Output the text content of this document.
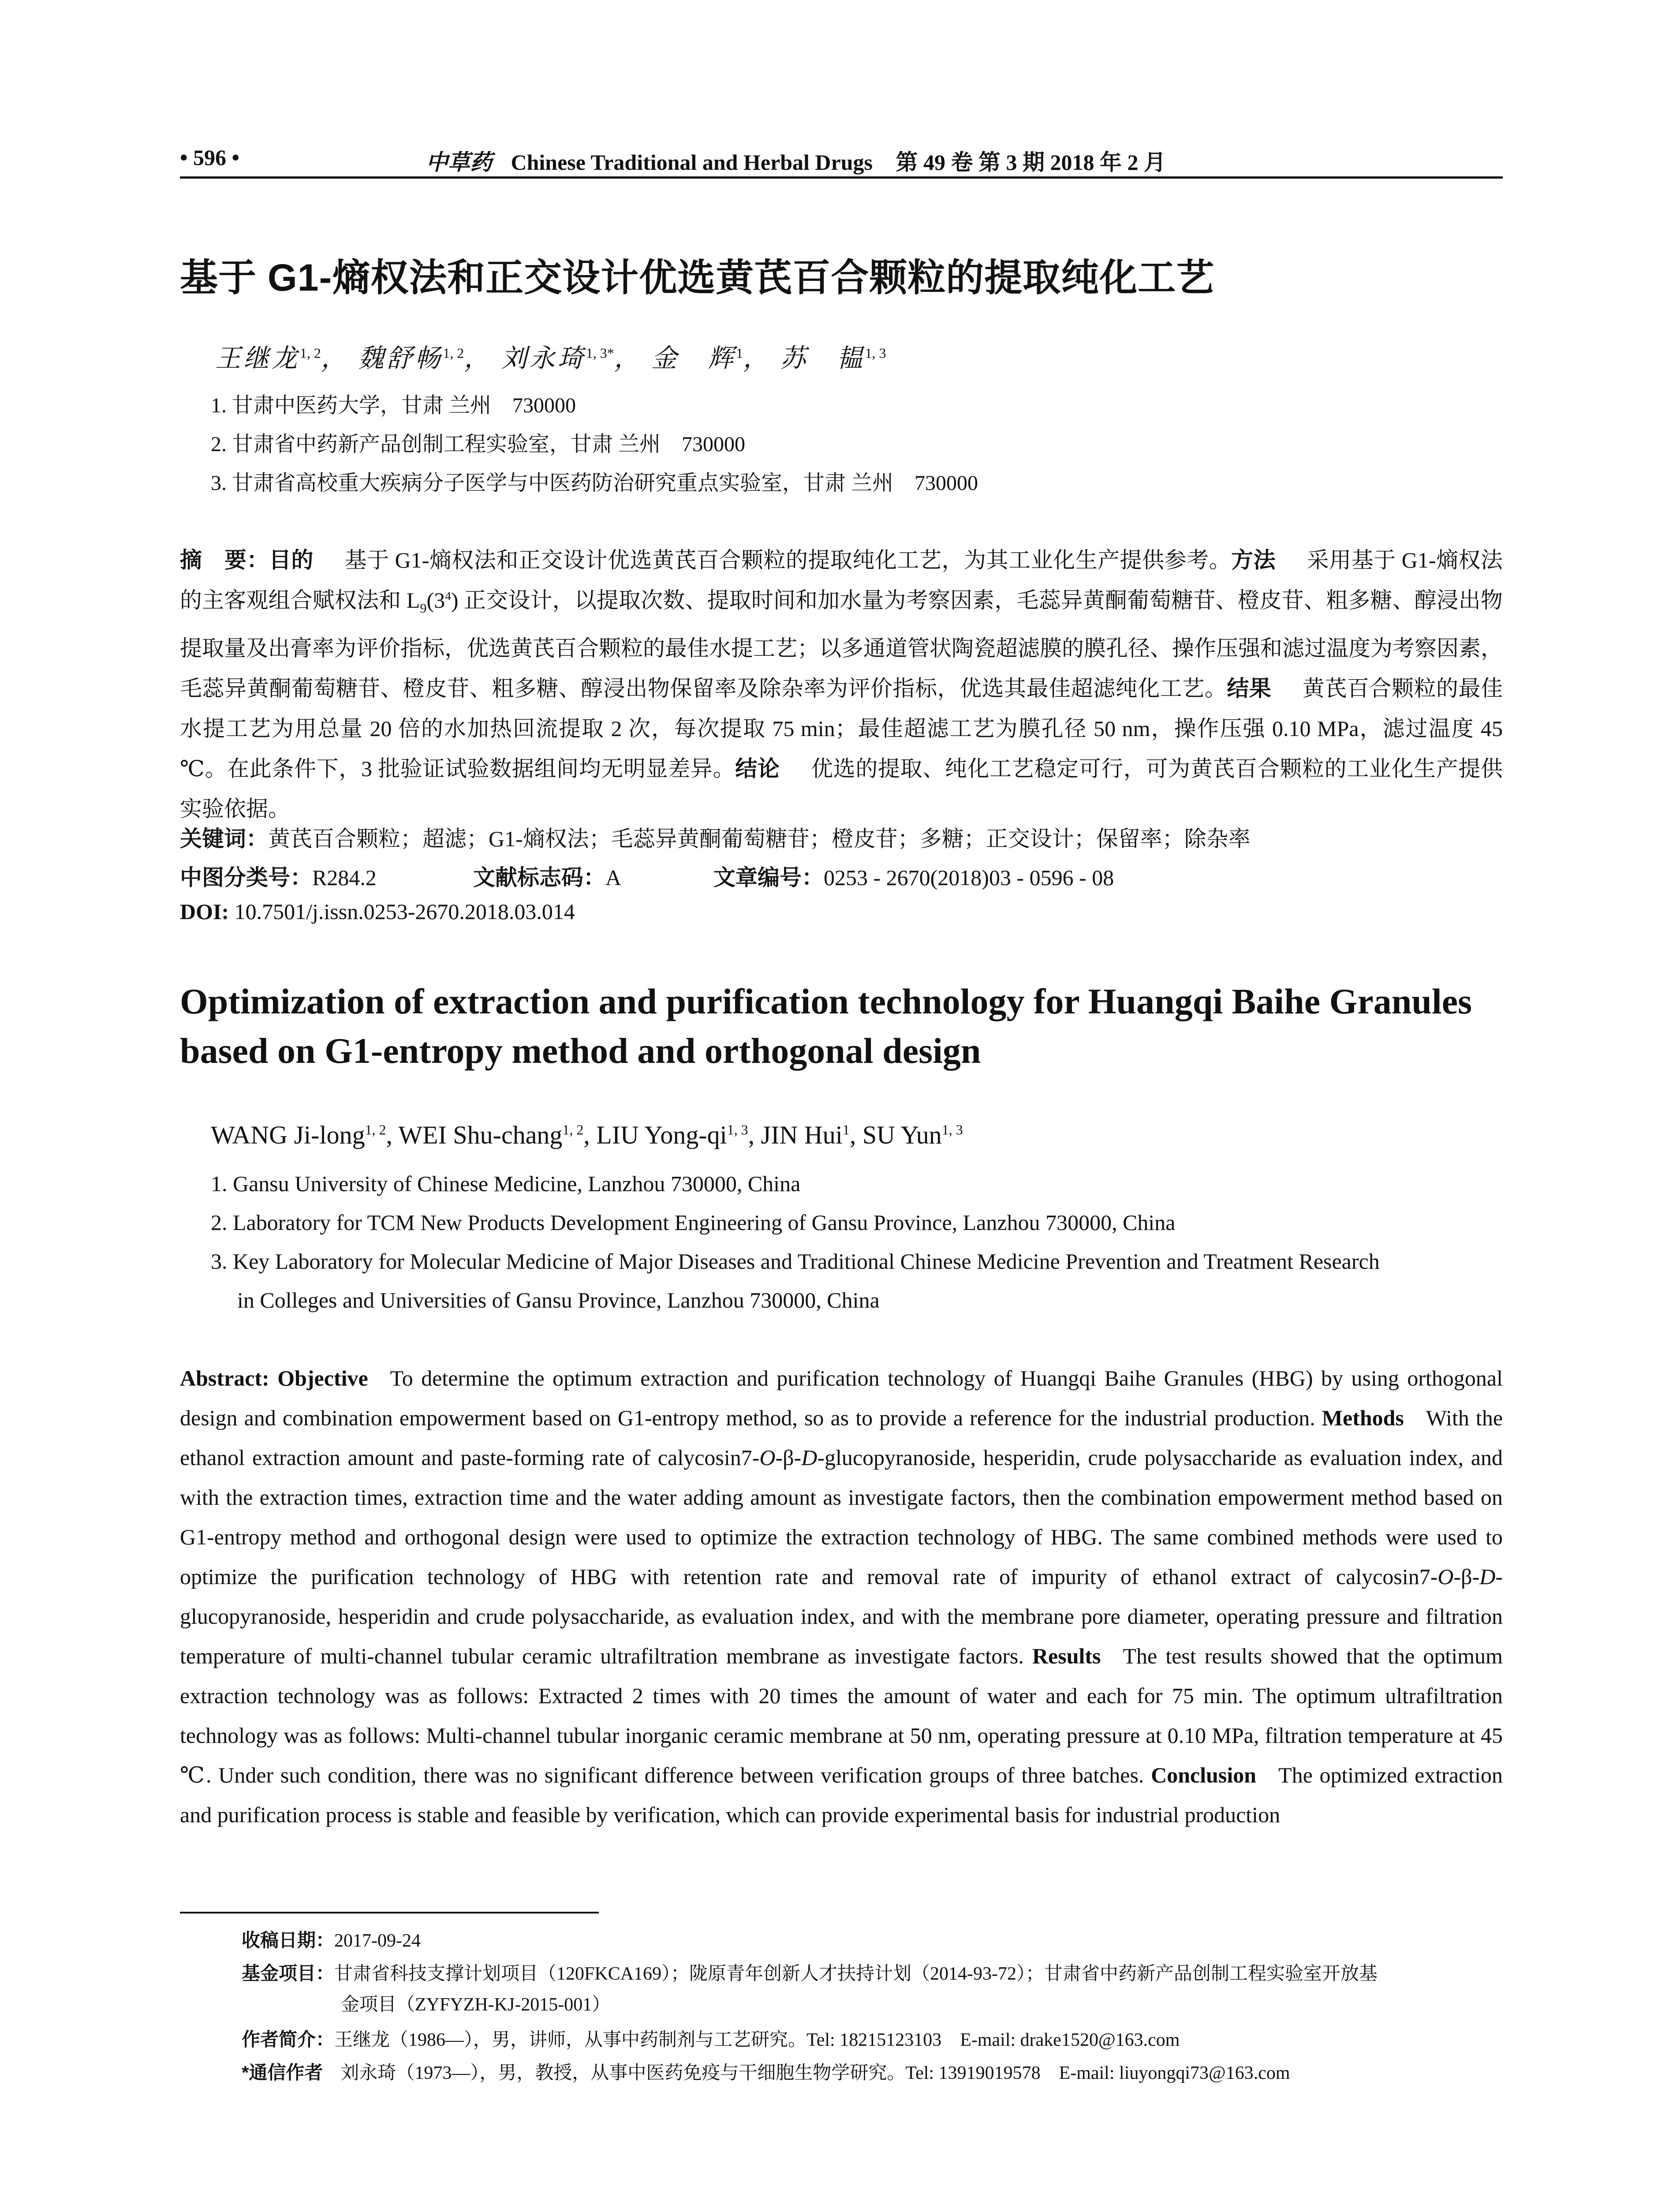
• 596 •	中草药 Chinese Traditional and Herbal Drugs 第 49 卷 第 3 期 2018 年 2 月
基于 G1-熵权法和正交设计优选黄芪百合颗粒的提取纯化工艺
王继龙$^{1, 2}$， 魏舒畅$^{1, 2}$， 刘永琦$^{1, 3*}$， 金　辉$^1$， 苏　韫$^{1, 3}$
1. 甘肃中医药大学，甘肃 兰州　730000
2. 甘肃省中药新产品创制工程实验室，甘肃 兰州　730000
3. 甘肃省高校重大疾病分子医学与中医药防治研究重点实验室，甘肃 兰州　730000
摘　要：目的 基于 G1-熵权法和正交设计优选黄芪百合颗粒的提取纯化工艺，为其工业化生产提供参考。方法 采用基于 G1-熵权法的主客观组合赋权法和 $L_9(3^4)$ 正交设计，以提取次数、提取时间和加水量为考察因素，毛蕊异黄酮葡萄糖苷、橙皮苷、粗多糖、醇浸出物提取量及出膏率为评价指标，优选黄芪百合颗粒的最佳水提工艺；以多通道管状陶瓷超滤膜的膜孔径、操作压强和滤过温度为考察因素，毛蕊异黄酮葡萄糖苷、橙皮苷、粗多糖、醇浸出物保留率及除杂率为评价指标，优选其最佳超滤纯化工艺。结果 黄芪百合颗粒的最佳水提工艺为用总量 20 倍的水加热回流提取 2 次，每次提取 75 min；最佳超滤工艺为膜孔径 50 nm，操作压强 0.10 MPa，滤过温度 45 ℃。在此条件下，3 批验证试验数据组间均无明显差异。结论 优选的提取、纯化工艺稳定可行，可为黄芪百合颗粒的工业化生产提供实验依据。
关键词：黄芪百合颗粒；超滤；G1-熵权法；毛蕊异黄酮葡萄糖苷；橙皮苷；多糖；正交设计；保留率；除杂率
中图分类号：R284.2	文献标志码：A	文章编号：0253 - 2670(2018)03 - 0596 - 08
DOI: 10.7501/j.issn.0253-2670.2018.03.014
Optimization of extraction and purification technology for Huangqi Baihe Granules based on G1-entropy method and orthogonal design
WANG Ji-long$^{1, 2}$, WEI Shu-chang$^{1, 2}$, LIU Yong-qi$^{1, 3}$, JIN Hui$^1$, SU Yun$^{1, 3}$
1. Gansu University of Chinese Medicine, Lanzhou 730000, China
2. Laboratory for TCM New Products Development Engineering of Gansu Province, Lanzhou 730000, China
3. Key Laboratory for Molecular Medicine of Major Diseases and Traditional Chinese Medicine Prevention and Treatment Research
in Colleges and Universities of Gansu Province, Lanzhou 730000, China
Abstract: Objective To determine the optimum extraction and purification technology of Huangqi Baihe Granules (HBG) by using orthogonal design and combination empowerment based on G1-entropy method, so as to provide a reference for the industrial production. Methods With the ethanol extraction amount and paste-forming rate of calycosin7-O-β-D-glucopyranoside, hesperidin, crude polysaccharide as evaluation index, and with the extraction times, extraction time and the water adding amount as investigate factors, then the combination empowerment method based on G1-entropy method and orthogonal design were used to optimize the extraction technology of HBG. The same combined methods were used to optimize the purification technology of HBG with retention rate and removal rate of impurity of ethanol extract of calycosin7-O-β-D-glucopyranoside, hesperidin and crude polysaccharide, as evaluation index, and with the membrane pore diameter, operating pressure and filtration temperature of multi-channel tubular ceramic ultrafiltration membrane as investigate factors. Results The test results showed that the optimum extraction technology was as follows: Extracted 2 times with 20 times the amount of water and each for 75 min. The optimum ultrafiltration technology was as follows: Multi-channel tubular inorganic ceramic membrane at 50 nm, operating pressure at 0.10 MPa, filtration temperature at 45 ℃. Under such condition, there was no significant difference between verification groups of three batches. Conclusion The optimized extraction and purification process is stable and feasible by verification, which can provide experimental basis for industrial production
收稿日期：2017-09-24
基金项目：甘肃省科技支撑计划项目（120FKCA169）；陇原青年创新人才扶持计划（2014-93-72）；甘肃省中药新产品创制工程实验室开放基
金项目（ZYFYZH-KJ-2015-001）
作者简介：王继龙（1986—），男，讲师，从事中药制剂与工艺研究。Tel: 18215123103　E-mail: drake1520@163.com
*通信作者 刘永琦（1973—），男，教授，从事中医药免疫与干细胞生物学研究。Tel: 13919019578　E-mail: liuyongqi73@163.com
